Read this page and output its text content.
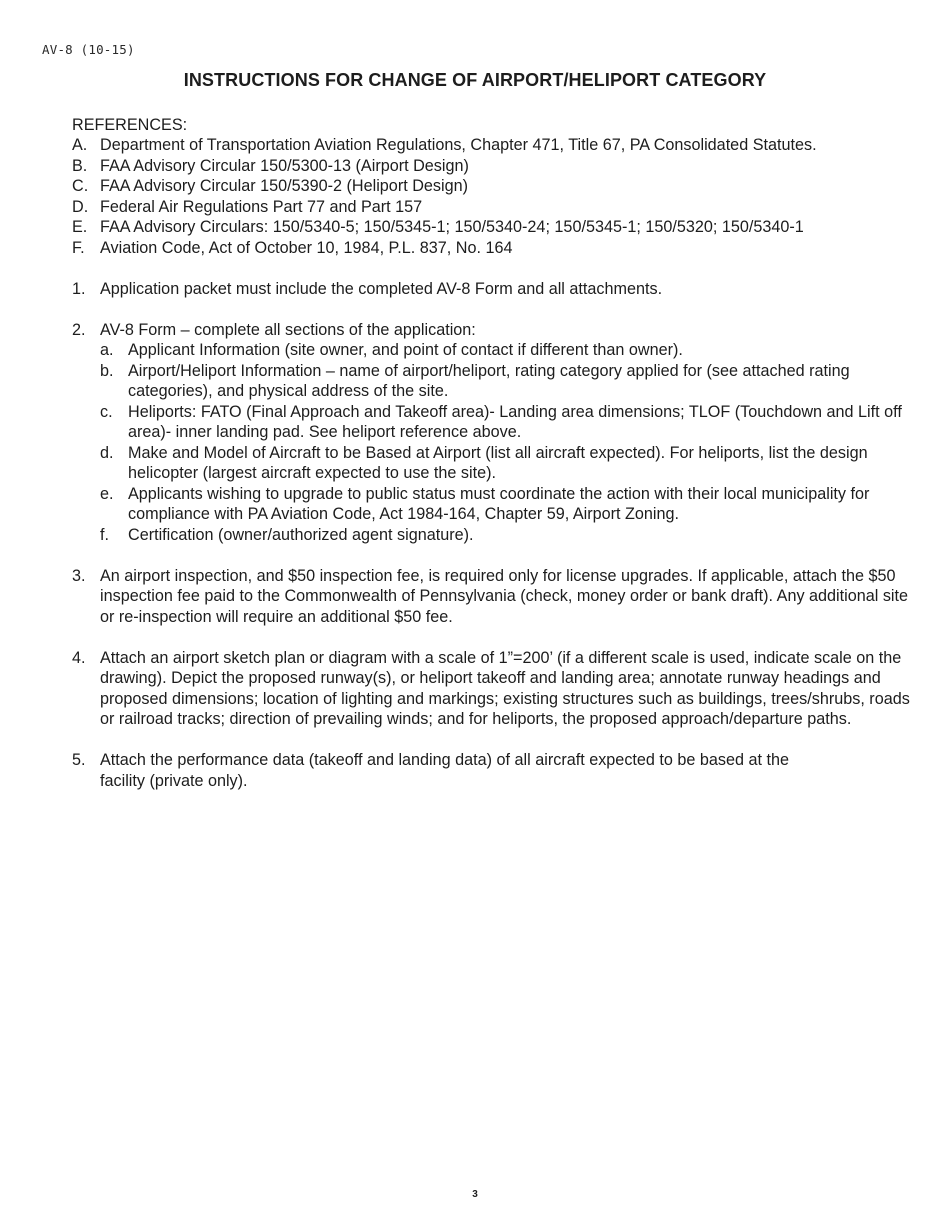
AV-8 (10-15)
INSTRUCTIONS FOR CHANGE OF AIRPORT/HELIPORT CATEGORY
REFERENCES:
A. Department of Transportation Aviation Regulations, Chapter 471, Title 67, PA Consolidated Statutes.
B. FAA Advisory Circular 150/5300-13 (Airport Design)
C. FAA Advisory Circular 150/5390-2 (Heliport Design)
D. Federal Air Regulations Part 77 and Part 157
E. FAA Advisory Circulars: 150/5340-5; 150/5345-1; 150/5340-24; 150/5345-1; 150/5320; 150/5340-1
F. Aviation Code, Act of October 10, 1984, P.L. 837, No. 164
1. Application packet must include the completed AV-8 Form and all attachments.
2. AV-8 Form – complete all sections of the application:
a. Applicant Information (site owner, and point of contact if different than owner).
b. Airport/Heliport Information – name of airport/heliport, rating category applied for (see attached rating categories), and physical address of the site.
c. Heliports: FATO (Final Approach and Takeoff area)- Landing area dimensions; TLOF (Touchdown and Lift off area)- inner landing pad. See heliport reference above.
d. Make and Model of Aircraft to be Based at Airport (list all aircraft expected). For heliports, list the design helicopter (largest aircraft expected to use the site).
e. Applicants wishing to upgrade to public status must coordinate the action with their local municipality for compliance with PA Aviation Code, Act 1984-164, Chapter 59, Airport Zoning.
f.	Certification (owner/authorized agent signature).
3. An airport inspection, and $50 inspection fee, is required only for license upgrades. If applicable, attach the $50 inspection fee paid to the Commonwealth of Pennsylvania (check, money order or bank draft). Any additional site or re-inspection will require an additional $50 fee.
4. Attach an airport sketch plan or diagram with a scale of 1”=200’ (if a different scale is used, indicate scale on the drawing). Depict the proposed runway(s), or heliport takeoff and landing area; annotate runway headings and proposed dimensions; location of lighting and markings; existing structures such as buildings, trees/shrubs, roads or railroad tracks; direction of prevailing winds; and for heliports, the proposed approach/departure paths.
5. Attach the performance data (takeoff and landing data) of all aircraft expected to be based at the facility (private only).
3
